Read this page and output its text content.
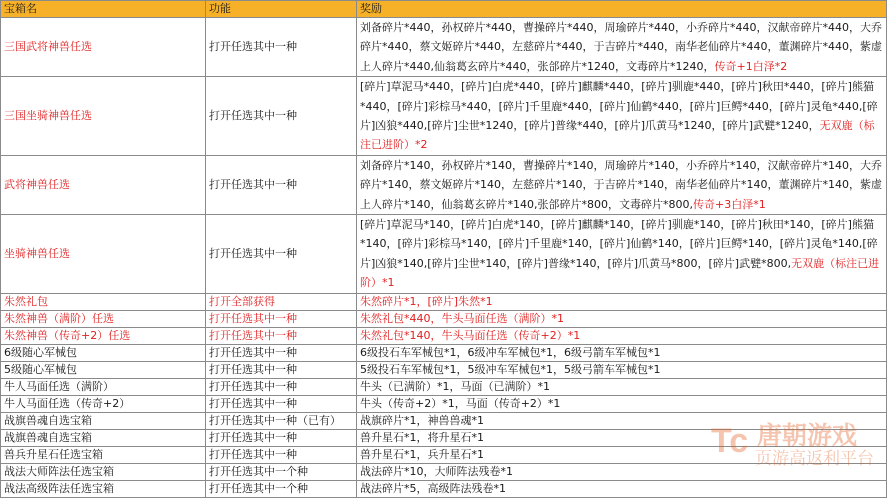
宝箱名	功能	奖励
三国武将神兽任选	打开任选其中一种	刘备碎片*440，孙权碎片*440，曹操碎片*440，周瑜碎片*440，小乔碎片*440，汉献帝碎片*440，大乔碎片*440，蔡文姬碎片*440，左慈碎片*440，于吉碎片*440，南华老仙碎片*440，董渊碎片*440，紫虚上人碎片*440,仙翁葛玄碎片*440，张郃碎片*1240，文毒碎片*1240，传奇+1白泽*2
三国坐骑神兽任选	打开任选其中一种	[碎片]草泥马*440，[碎片]白虎*440，[碎片]麒麟*440，[碎片]驯鹿*440，[碎片]秋田*440，[碎片]熊猫*440，[碎片]彩棕马*440，[碎片]千里鹿*440，[碎片]仙鹤*440，[碎片]巨鳄*440，[碎片]灵龟*440,[碎片]凶狼*440,[碎片]尘世*1240，[碎片]普缘*440，[碎片]爪黄马*1240，[碎片]武甓*1240，无双鹿（标注已进阶）*2
武将神兽任选	打开任选其中一种	刘备碎片*140，孙权碎片*140，曹操碎片*140，周瑜碎片*140，小乔碎片*140，汉献帝碎片*140，大乔碎片*140，蔡文姬碎片*140，左慈碎片*140，于吉碎片*140，南华老仙碎片*140，董渊碎片*140，紫虚上人碎片*140，仙翁葛玄碎片*140,张郃碎片*800，文毒碎片*800,传奇+3白泽*1
坐骑神兽任选	打开任选其中一种	[碎片]草泥马*140，[碎片]白虎*140，[碎片]麒麟*140，[碎片]驯鹿*140，[碎片]秋田*140，[碎片]熊猫*140，[碎片]彩棕马*140，[碎片]千里鹿*140，[碎片]仙鹤*140，[碎片]巨鳄*140，[碎片]灵龟*140,[碎片]凶狼*140,[碎片]尘世*140，[碎片]普缘*140，[碎片]爪黄马*800，[碎片]武甓*800,无双鹿（标注已进阶）*1
朱然礼包	打开全部获得	朱然碎片*1，[碎片]朱然*1
朱然神兽（满阶）任选	打开任选其中一种	朱然礼包*440，牛头马面任选（满阶）*1
朱然神兽（传奇+2）任选	打开任选其中一种	朱然礼包*140，牛头马面任选（传奇+2）*1
6级随心军械包	打开任选其中一种	6级投石车军械包*1，6级冲车军械包*1，6级弓箭车军械包*1
5级随心军械包	打开任选其中一种	5级投石车军械包*1，5级冲车军械包*1，5级弓箭车军械包*1
牛人马面任选（满阶）	打开任选其中一种	牛头（已满阶）*1，马面（已满阶）*1
牛人马面任选（传奇+2）	打开任选其中一种	牛头（传奇+2）*1，马面（传奇+2）*1
战旗兽魂自选宝箱	打开任选其中一种（已有）	战旗碎片*1，神兽兽魂*1
战旗兽魂自选宝箱	打开任选其中一种	兽升星石*1，将升星石*1
兽兵升星石任选宝箱	打开任选其中一种	兽升星石*1，兵升星石*1
战法大师阵法任选宝箱	打开任选其中一个种	战法碎片*10，大师阵法残卷*1
战法高级阵法任选宝箱	打开任选其中一个种	战法碎片*5，高级阵法残卷*1
Tc 唐朝游戏
页游高返利平台
